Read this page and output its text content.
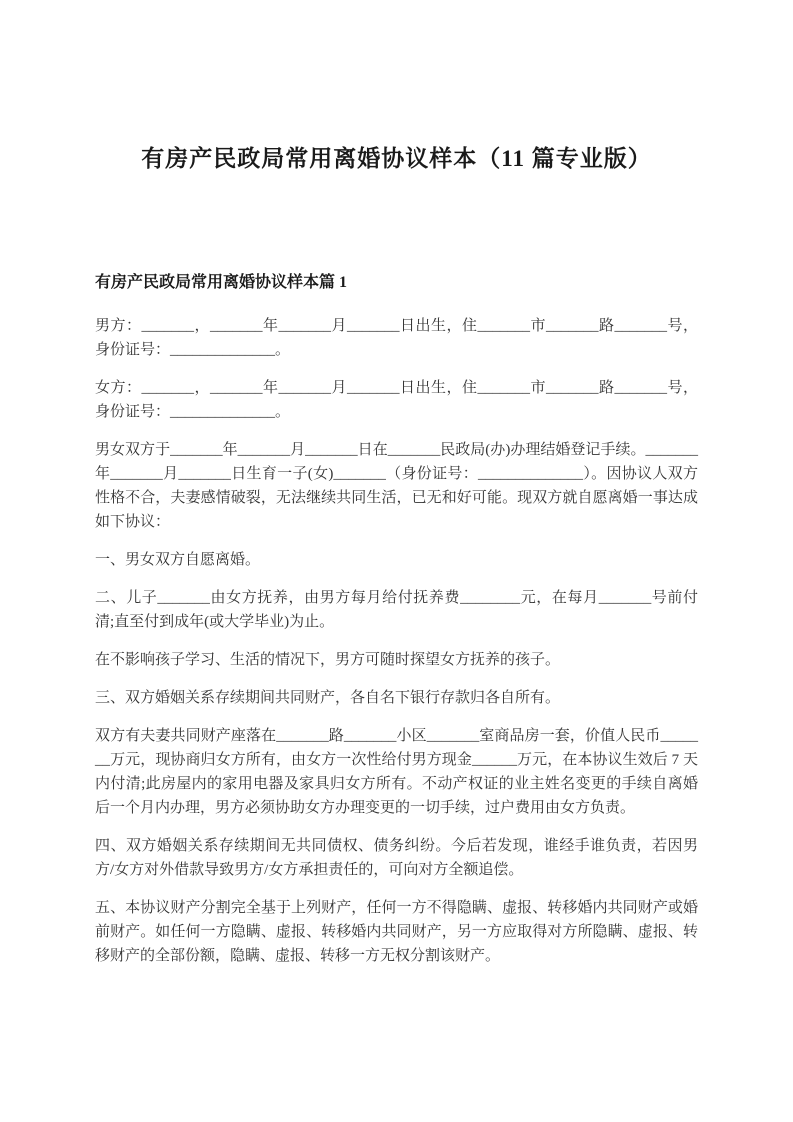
有房产民政局常用离婚协议样本（11 篇专业版）
有房产民政局常用离婚协议样本篇 1

男方：_______，_______年_______月_______日出生，住_______市_______路_______号，身份证号：______________。

女方：_______，_______年_______月_______日出生，住_______市_______路_______号，身份证号：______________。

男女双方于_______年_______月_______日在_______民政局(办)办理结婚登记手续。_______年_______月_______日生育一子(女)_______（身份证号：______________）。因协议人双方性格不合，夫妻感情破裂，无法继续共同生活，已无和好可能。现双方就自愿离婚一事达成如下协议：

一、男女双方自愿离婚。

二、儿子_______由女方抚养，由男方每月给付抚养费________元，在每月_______号前付清;直至付到成年(或大学毕业)为止。

在不影响孩子学习、生活的情况下，男方可随时探望女方抚养的孩子。

三、双方婚姻关系存续期间共同财产，各自名下银行存款归各自所有。

双方有夫妻共同财产座落在_______路_______小区_______室商品房一套，价值人民币_______万元，现协商归女方所有，由女方一次性给付男方现金______万元，在本协议生效后 7 天内付清;此房屋内的家用电器及家具归女方所有。不动产权证的业主姓名变更的手续自离婚后一个月内办理，男方必须协助女方办理变更的一切手续，过户费用由女方负责。

四、双方婚姻关系存续期间无共同债权、债务纠纷。今后若发现，谁经手谁负责，若因男方/女方对外借款导致男方/女方承担责任的，可向对方全额追偿。

五、本协议财产分割完全基于上列财产，任何一方不得隐瞒、虚报、转移婚内共同财产或婚前财产。如任何一方隐瞒、虚报、转移婚内共同财产，另一方应取得对方所隐瞒、虚报、转移财产的全部份额，隐瞒、虚报、转移一方无权分割该财产。
